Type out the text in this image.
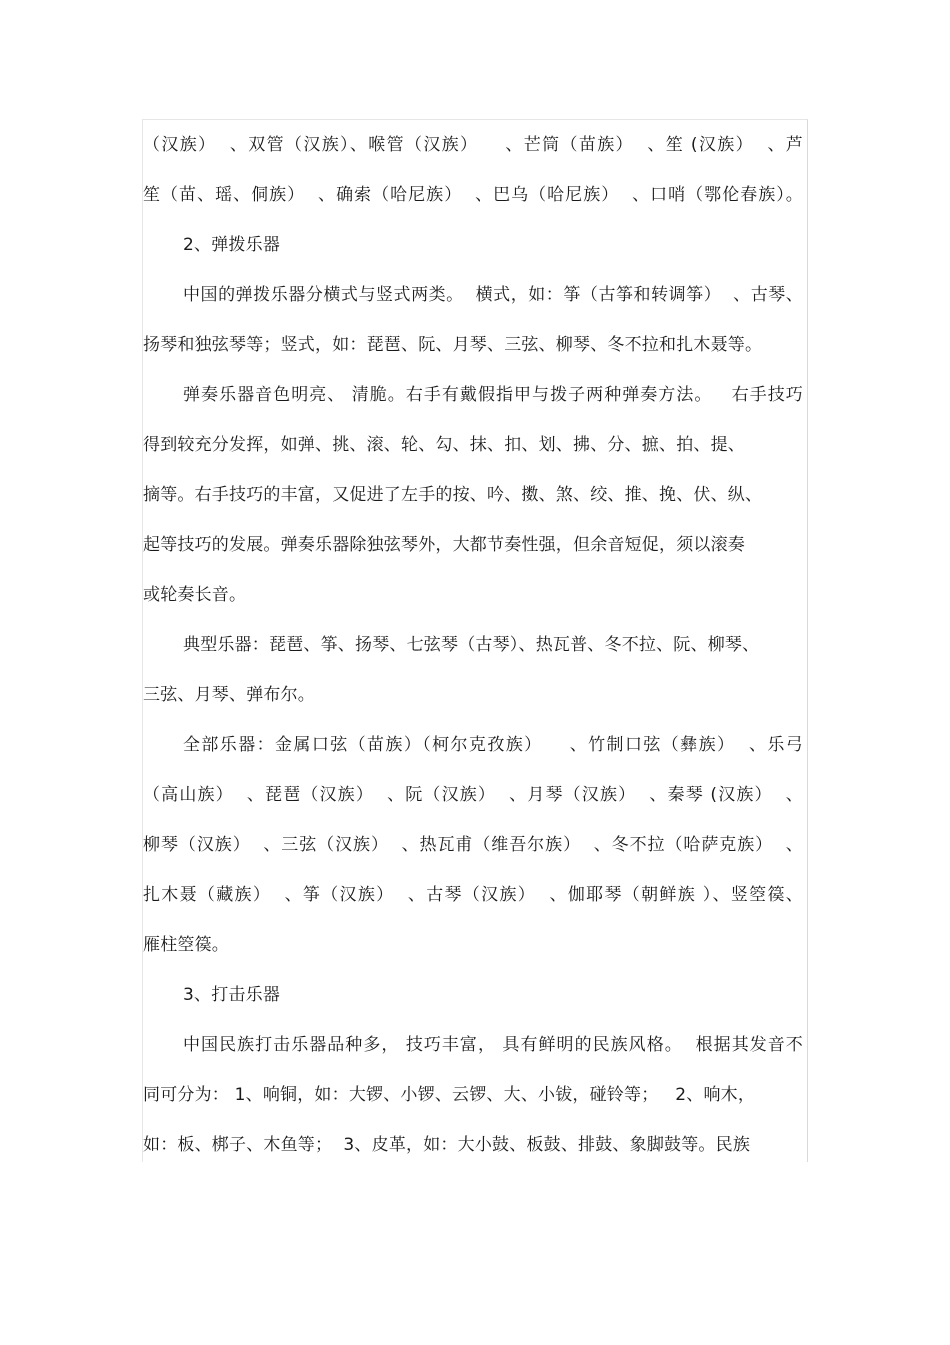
（汉族）  、双管（汉族）、喉管（汉族）    、芒筒（苗族）  、笙 (汉族）  、芦
笙（苗、瑶、侗族）  、确索（哈尼族）  、巴乌（哈尼族）  、口哨（鄂伦春族）。
2、弹拨乐器
中国的弹拨乐器分横式与竖式两类。  横式，如：筝（古筝和转调筝）  、古琴、
扬琴和独弦琴等；竖式，如：琵琶、阮、月琴、三弦、柳琴、冬不拉和扎木聂等。
弹奏乐器音色明亮、 清脆。右手有戴假指甲与拨子两种弹奏方法。   右手技巧
得到较充分发挥，如弹、挑、滚、轮、勾、抹、扣、划、拂、分、摭、拍、提、
摘等。右手技巧的丰富，又促进了左手的按、吟、擞、煞、绞、推、挽、伏、纵、
起等技巧的发展。弹奏乐器除独弦琴外，大都节奏性强，但余音短促，须以滚奏
或轮奏长音。
典型乐器：琵琶、筝、扬琴、七弦琴（古琴）、热瓦普、冬不拉、阮、柳琴、
三弦、月琴、弹布尔。
全部乐器：金属口弦（苗族）（柯尔克孜族）    、竹制口弦（彝族）  、乐弓
（高山族）  、琵琶（汉族）  、阮（汉族）  、月琴（汉族）  、秦琴 (汉族）  、
柳琴（汉族）  、三弦（汉族）  、热瓦甫（维吾尔族）  、冬不拉（哈萨克族）  、
扎木聂（藏族）  、筝（汉族）  、古琴（汉族）  、伽耶琴（朝鲜族 ）、竖箜篌、
雁柱箜篌。
3、打击乐器
中国民族打击乐器品种多， 技巧丰富， 具有鲜明的民族风格。  根据其发音不
同可分为： 1、响铜，如：大锣、小锣、云锣、大、小钹，碰铃等；   2、响木，
如：板、梆子、木鱼等；  3、皮革，如：大小鼓、板鼓、排鼓、象脚鼓等。民族
